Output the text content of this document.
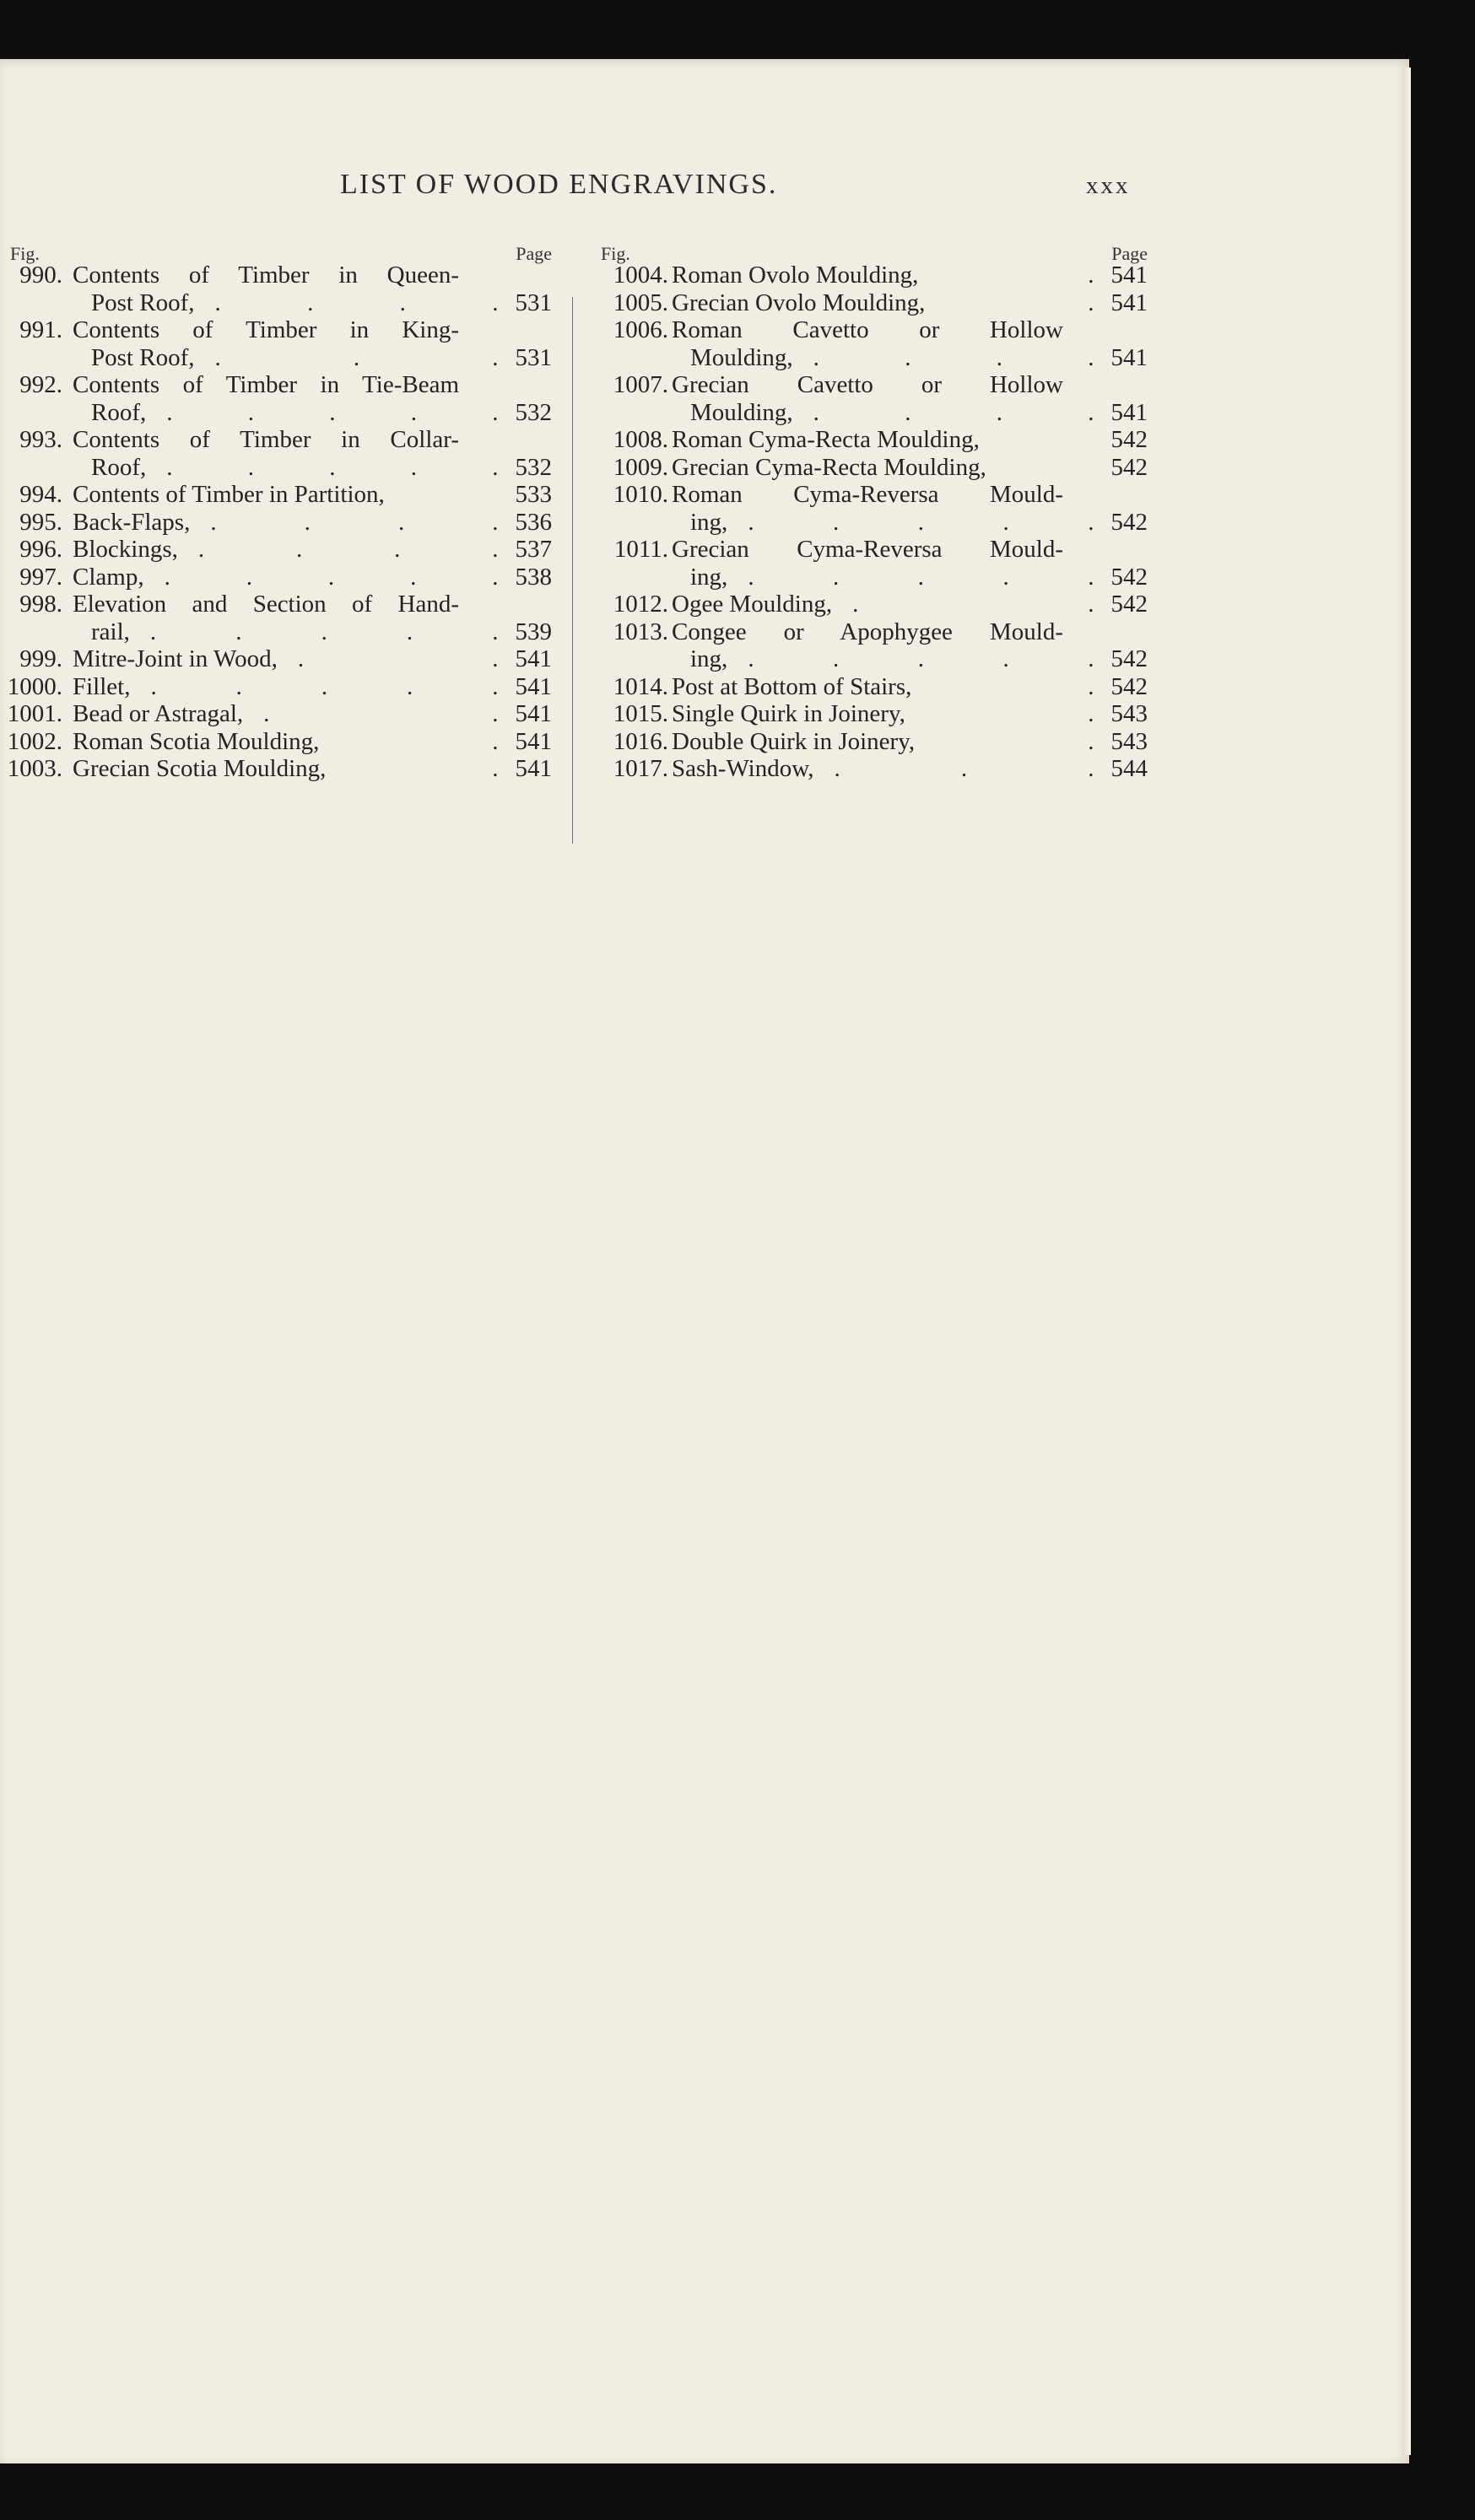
LIST OF WOOD ENGRAVINGS.	xxx
Fig.	Page
990. Contents of Timber in Queen-
Post Roof, .	.	.	. 531
991. Contents of Timber in King-
Post Roof, .	.	. 531
992. Contents of Timber in Tie-Beam
Roof, .	.	.	.	. 532
993. Contents of Timber in Collar-
Roof, .	.	.	.	. 532
994. Contents of Timber in Partition,	533
995. Back-Flaps, .	.	.	. 536
996. Blockings, .	.	.	. 537
997. Clamp, .	.	.	.	. 538
998. Elevation and Section of Hand-
rail, .	.	.	.	. 539
999. Mitre-Joint in Wood, .	. 541
1000. Fillet, .	.	.	.	. 541
1001. Bead or Astragal, .	. 541
1002. Roman Scotia Moulding,	. 541
1003. Grecian Scotia Moulding,	. 541
Fig.	Page
1004. Roman Ovolo Moulding,	. 541
1005. Grecian Ovolo Moulding,	. 541
1006. Roman Cavetto or Hollow
Moulding, .	.	.	. 541
1007. Grecian Cavetto or Hollow
Moulding, .	.	.	. 541
1008. Roman Cyma-Recta Moulding,	542
1009. Grecian Cyma-Recta Moulding,	542
1010. Roman Cyma-Reversa Mould-
ing, .	.	.	.	. 542
1011. Grecian Cyma-Reversa Mould-
ing, .	.	.	.	. 542
1012. Ogee Moulding, .	. 542
1013. Congee or Apophygee Mould-
ing, .	.	.	.	. 542
1014. Post at Bottom of Stairs,	. 542
1015. Single Quirk in Joinery,	. 543
1016. Double Quirk in Joinery,	. 543
1017. Sash-Window, .	.	. 544
